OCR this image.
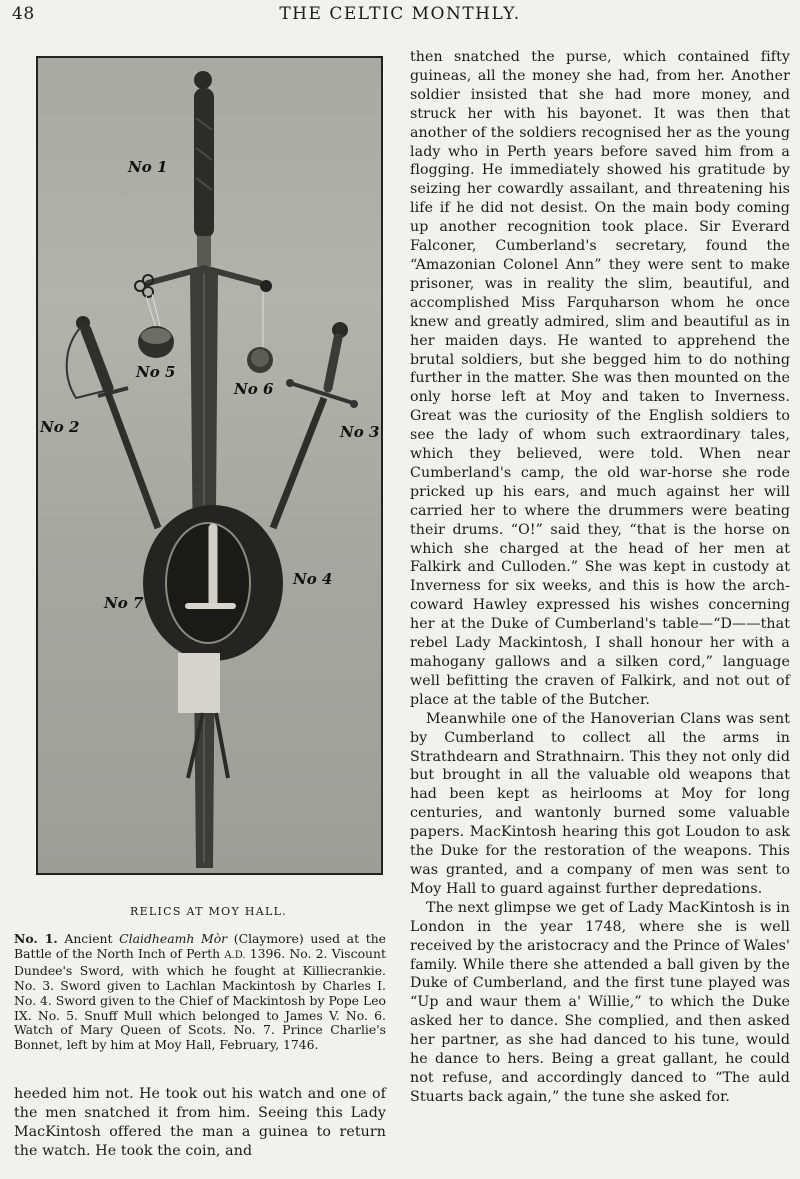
48	THE CELTIC MONTHLY.
No 1
No 2	No 3
No 4
No 5
No 6
No 7
RELICS AT MOY HALL.
No. 1. Ancient Claidheamh Mòr (Claymore) used at the Battle of the North Inch of Perth A.D. 1396. No. 2. Viscount Dundee's Sword, with which he fought at Killiecrankie. No. 3. Sword given to Lachlan Mackintosh by Charles I. No. 4. Sword given to the Chief of Mackintosh by Pope Leo IX. No. 5. Snuff Mull which belonged to James V. No. 6. Watch of Mary Queen of Scots. No. 7. Prince Charlie's Bonnet, left by him at Moy Hall, February, 1746.

heeded him not. He took out his watch and one of the men snatched it from him. Seeing this Lady MacKintosh offered the man a guinea to return the watch. He took the coin, and

then snatched the purse, which contained fifty guineas, all the money she had, from her. Another soldier insisted that she had more money, and struck her with his bayonet. It was then that another of the soldiers recognised her as the young lady who in Perth years before saved him from a flogging. He immediately showed his gratitude by seizing her cowardly assailant, and threatening his life if he did not desist. On the main body coming up another recognition took place. Sir Everard Falconer, Cumberland's secretary, found the “Amazonian Colonel Ann” they were sent to make prisoner, was in reality the slim, beautiful, and accomplished Miss Farquharson whom he once knew and greatly admired, slim and beautiful as in her maiden days. He wanted to apprehend the brutal soldiers, but she begged him to do nothing further in the matter. She was then mounted on the only horse left at Moy and taken to Inverness. Great was the curiosity of the English soldiers to see the lady of whom such extraordinary tales, which they believed, were told. When near Cumberland's camp, the old war-horse she rode pricked up his ears, and much against her will carried her to where the drummers were beating their drums. “O!” said they, “that is the horse on which she charged at the head of her men at Falkirk and Culloden.” She was kept in custody at Inverness for six weeks, and this is how the arch-coward Hawley expressed his wishes concerning her at the Duke of Cumberland's table—“D——that rebel Lady Mackintosh, I shall honour her with a mahogany gallows and a silken cord,” language well befitting the craven of Falkirk, and not out of place at the table of the Butcher.

Meanwhile one of the Hanoverian Clans was sent by Cumberland to collect all the arms in Strathdearn and Strathnairn. This they not only did but brought in all the valuable old weapons that had been kept as heirlooms at Moy for long centuries, and wantonly burned some valuable papers. MacKintosh hearing this got Loudon to ask the Duke for the restoration of the weapons. This was granted, and a company of men was sent to Moy Hall to guard against further depredations.

The next glimpse we get of Lady MacKintosh is in London in the year 1748, where she is well received by the aristocracy and the Prince of Wales' family. While there she attended a ball given by the Duke of Cumberland, and the first tune played was “Up and waur them a' Willie,” to which the Duke asked her to dance. She complied, and then asked her partner, as she had danced to his tune, would he dance to hers. Being a great gallant, he could not refuse, and accordingly danced to “The auld Stuarts back again,” the tune she asked for.
